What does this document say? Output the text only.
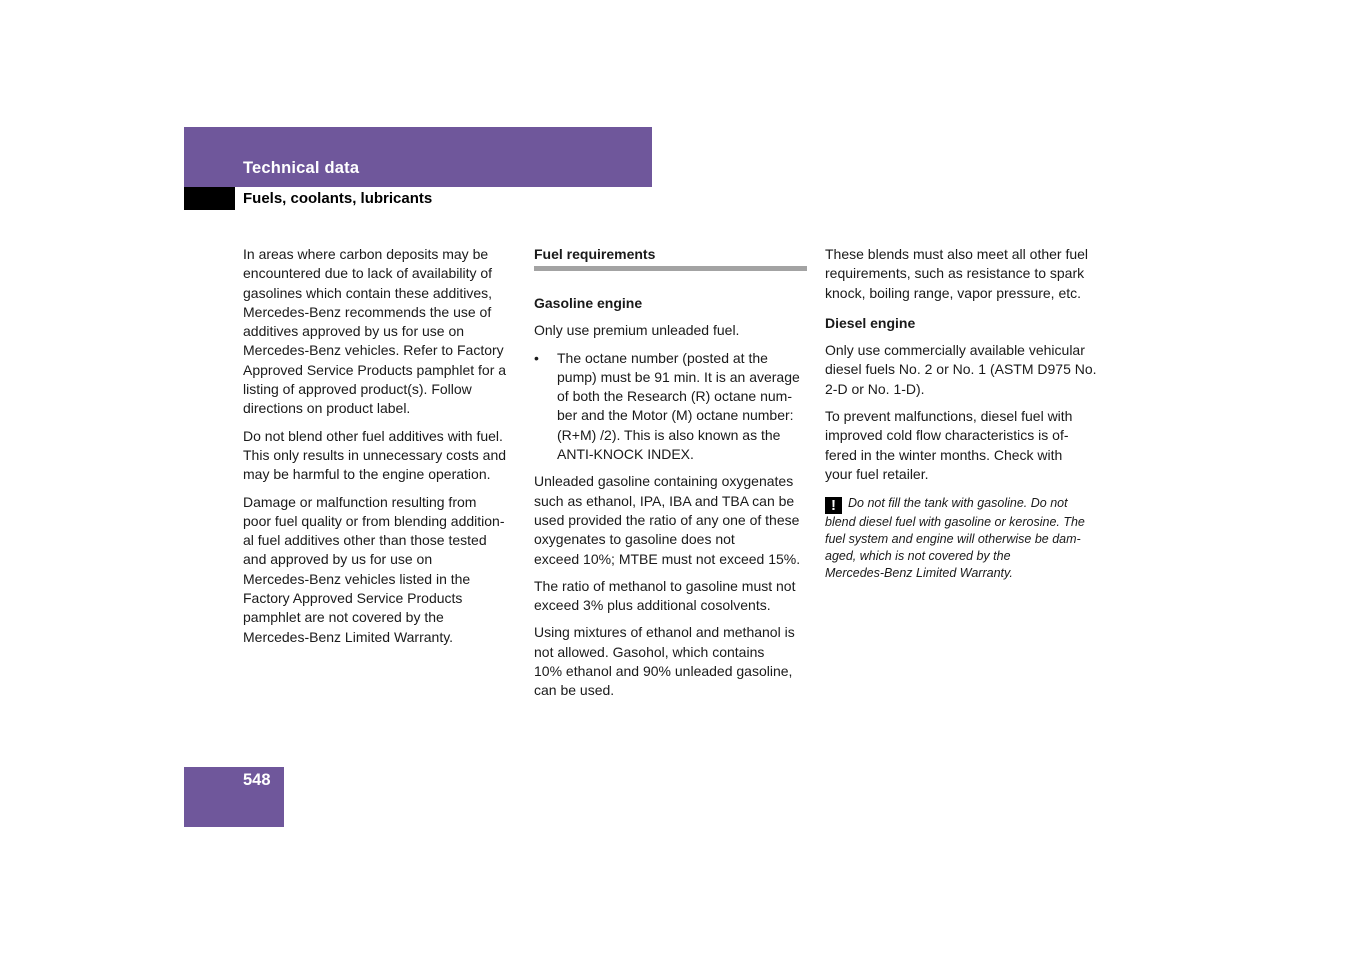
Technical data
Fuels, coolants, lubricants

In areas where carbon deposits may be
encountered due to lack of availability of
gasolines which contain these additives,
Mercedes-Benz recommends the use of
additives approved by us for use on
Mercedes-Benz vehicles. Refer to Factory
Approved Service Products pamphlet for a
listing of approved product(s). Follow
directions on product label.

Do not blend other fuel additives with fuel.
This only results in unnecessary costs and
may be harmful to the engine operation.

Damage or malfunction resulting from
poor fuel quality or from blending addition-
al fuel additives other than those tested
and approved by us for use on
Mercedes-Benz vehicles listed in the
Factory Approved Service Products
pamphlet are not covered by the
Mercedes-Benz Limited Warranty.

Fuel requirements
Gasoline engine

Only use premium unleaded fuel.

•	The octane number (posted at the
pump) must be 91 min. It is an average
of both the Research (R) octane num-
ber and the Motor (M) octane number:
(R+M) /2). This is also known as the
ANTI-KNOCK INDEX.

Unleaded gasoline containing oxygenates
such as ethanol, IPA, IBA and TBA can be
used provided the ratio of any one of these
oxygenates to gasoline does not
exceed 10%; MTBE must not exceed 15%.

The ratio of methanol to gasoline must not
exceed 3% plus additional cosolvents.

Using mixtures of ethanol and methanol is
not allowed. Gasohol, which contains
10% ethanol and 90% unleaded gasoline,
can be used.

These blends must also meet all other fuel
requirements, such as resistance to spark
knock, boiling range, vapor pressure, etc.

Diesel engine

Only use commercially available vehicular
diesel fuels No. 2 or No. 1 (ASTM D975 No.
2-D or No. 1-D).

To prevent malfunctions, diesel fuel with
improved cold flow characteristics is of-
fered in the winter months. Check with
your fuel retailer.

! Do not fill the tank with gasoline. Do not
blend diesel fuel with gasoline or kerosine. The
fuel system and engine will otherwise be dam-
aged, which is not covered by the
Mercedes-Benz Limited Warranty.
548
